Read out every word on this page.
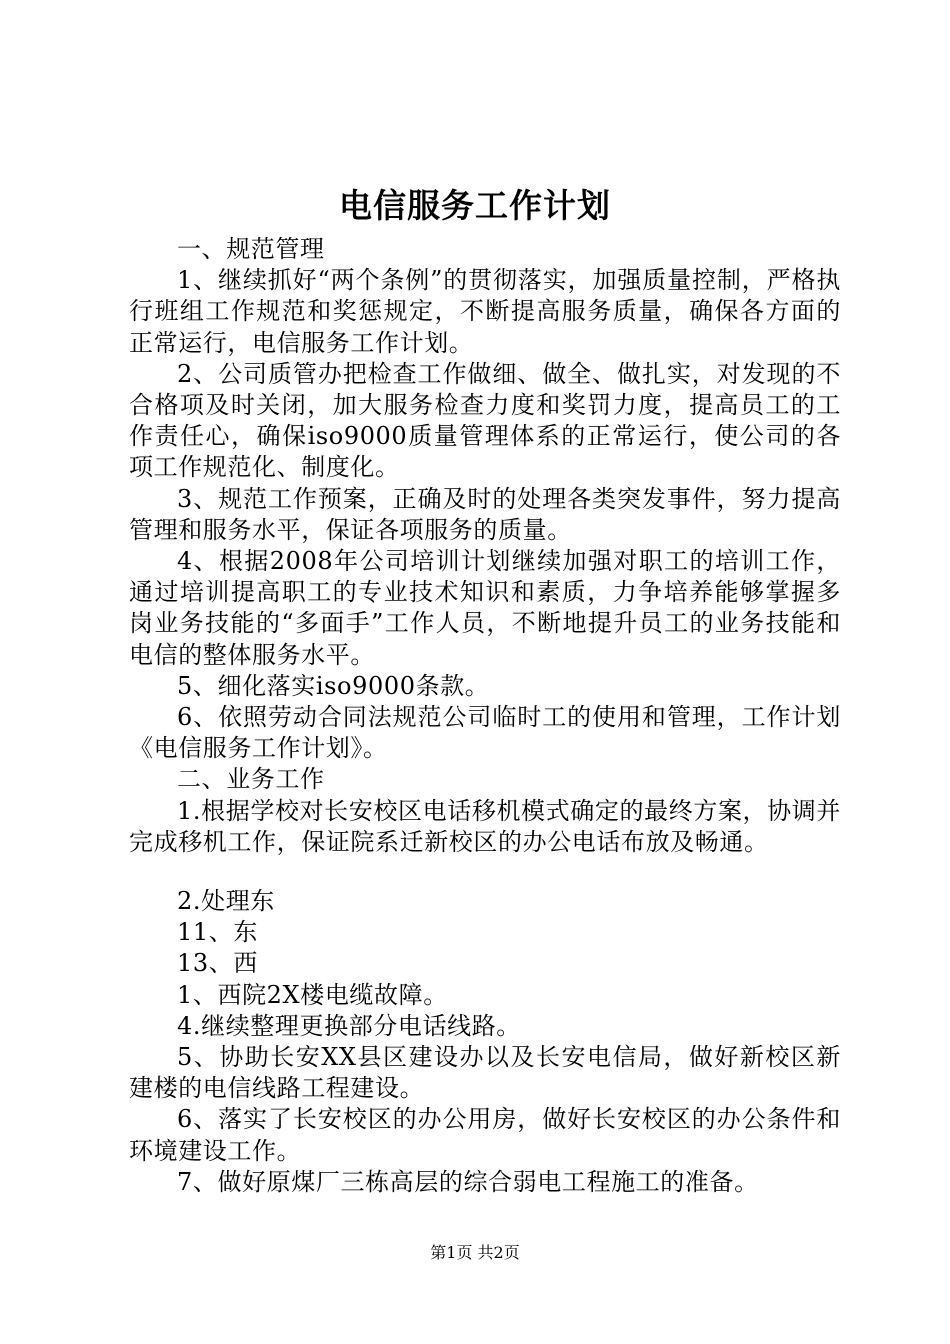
电信服务工作计划

一、规范管理

1、继续抓好“两个条例”的贯彻落实，加强质量控制，严格执行班组工作规范和奖惩规定，不断提高服务质量，确保各方面的正常运行，电信服务工作计划。

2、公司质管办把检查工作做细、做全、做扎实，对发现的不合格项及时关闭，加大服务检查力度和奖罚力度，提高员工的工作责任心，确保iso9000质量管理体系的正常运行，使公司的各项工作规范化、制度化。

3、规范工作预案，正确及时的处理各类突发事件，努力提高管理和服务水平，保证各项服务的质量。

4、根据2008年公司培训计划继续加强对职工的培训工作，通过培训提高职工的专业技术知识和素质，力争培养能够掌握多岗业务技能的“多面手”工作人员，不断地提升员工的业务技能和电信的整体服务水平。

5、细化落实iso9000条款。

6、依照劳动合同法规范公司临时工的使用和管理，工作计划《电信服务工作计划》。

二、业务工作

1.根据学校对长安校区电话移机模式确定的最终方案，协调并完成移机工作，保证院系迁新校区的办公电话布放及畅通。

2.处理东

11、东

13、西

1、西院2X楼电缆故障。

4.继续整理更换部分电话线路。

5、协助长安XX县区建设办以及长安电信局，做好新校区新建楼的电信线路工程建设。

6、落实了长安校区的办公用房，做好长安校区的办公条件和环境建设工作。

7、做好原煤厂三栋高层的综合弱电工程施工的准备。

第1页 共2页
